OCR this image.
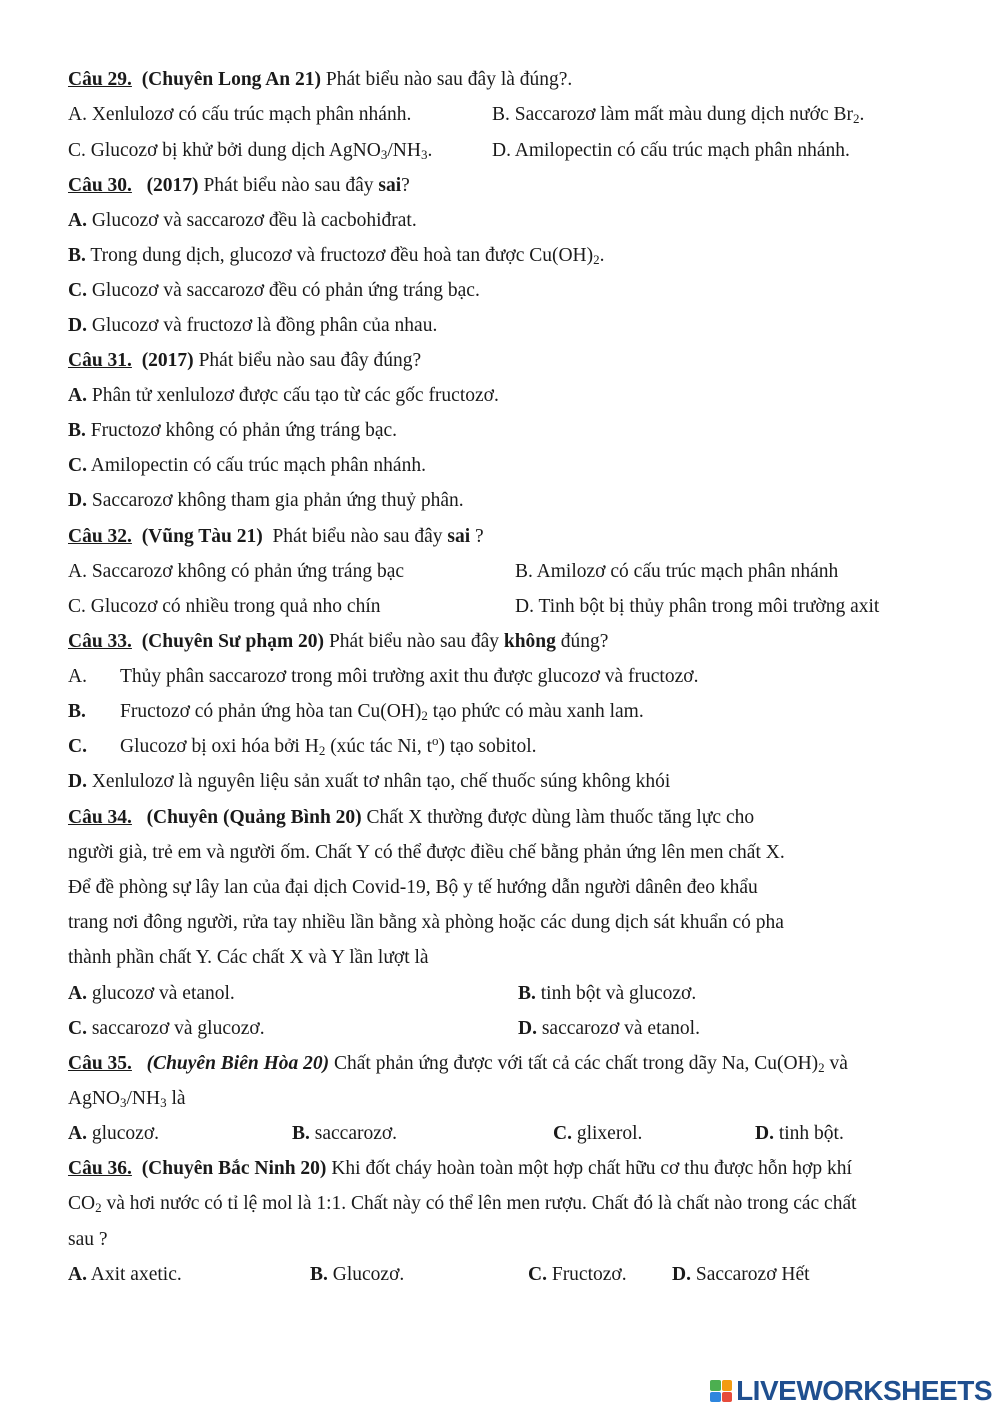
Câu 29. (Chuyên Long An 21) Phát biểu nào sau đây là đúng?.
A. Xenlulozơ có cấu trúc mạch phân nhánh.	B. Saccarozơ làm mất màu dung dịch nước $Br_2$.
C. Glucozơ bị khử bởi dung dịch $AgNO_3/NH_3$.	D. Amilopectin có cấu trúc mạch phân nhánh.
Câu 30. (2017) Phát biểu nào sau đây sai?
A. Glucozơ và saccarozơ đều là cacbohiđrat.
B. Trong dung dịch, glucozơ và fructozơ đều hoà tan được $Cu(OH)_2$.
C. Glucozơ và saccarozơ đều có phản ứng tráng bạc.
D. Glucozơ và fructozơ là đồng phân của nhau.
Câu 31. (2017) Phát biểu nào sau đây đúng?
A. Phân tử xenlulozơ được cấu tạo từ các gốc fructozơ.
B. Fructozơ không có phản ứng tráng bạc.
C. Amilopectin có cấu trúc mạch phân nhánh.
D. Saccarozơ không tham gia phản ứng thuỷ phân.
Câu 32. (Vũng Tàu 21)  Phát biểu nào sau đây sai ?
A. Saccarozơ không có phản ứng tráng bạc	B. Amilozơ có cấu trúc mạch phân nhánh
C. Glucozơ có nhiều trong quả nho chín	D. Tinh bột bị thủy phân trong môi trường axit
Câu 33. (Chuyên Sư phạm 20) Phát biểu nào sau đây không đúng?
A. Thủy phân saccarozơ trong môi trường axit thu được glucozơ và fructozơ.
B. Fructozơ có phản ứng hòa $\tan Cu(OH)_2$ tạo phức có màu xanh lam.
C. Glucozơ bị oxi hóa bởi $H_2$ (xúc tác Ni, $t^o$) tạo sobitol.
D. Xenlulozơ là nguyên liệu sản xuất tơ nhân tạo, chế thuốc súng không khói
Câu 34. (Chuyên (Quảng Bình 20) Chất X thường được dùng làm thuốc tăng lực cho
người già, trẻ em và người ốm. Chất Y có thể được điều chế bằng phản ứng lên men chất X.
Để đề phòng sự lây lan của đại dịch Covid-19, Bộ y tế hướng dẫn người dânên đeo khẩu
trang nơi đông người, rửa tay nhiều lần bằng xà phòng hoặc các dung dịch sát khuẩn có pha
thành phần chất Y. Các chất X và Y lần lượt là
A. glucozơ và etanol.	B. tinh bột và glucozơ.
C. saccarozơ và glucozơ.	D. saccarozơ và etanol.
Câu 35. (Chuyên Biên Hòa 20) Chất phản ứng được với tất cả các chất trong dãy Na, $Cu(OH)_2$ và
$AgNO_3/NH_3$ là
A. glucozơ.	B. saccarozơ.	C. glixerol.	D. tinh bột.
Câu 36. (Chuyên Bắc Ninh 20) Khi đốt cháy hoàn toàn một hợp chất hữu cơ thu được hỗn hợp khí
$CO_2$ và hơi nước có tỉ lệ mol là 1:1. Chất này có thể lên men rượu. Chất đó là chất nào trong các chất
sau ?
A. Axit axetic.	B. Glucozơ.	C. Fructozơ. D. Saccarozơ Hết
LIVEWORKSHEETS
